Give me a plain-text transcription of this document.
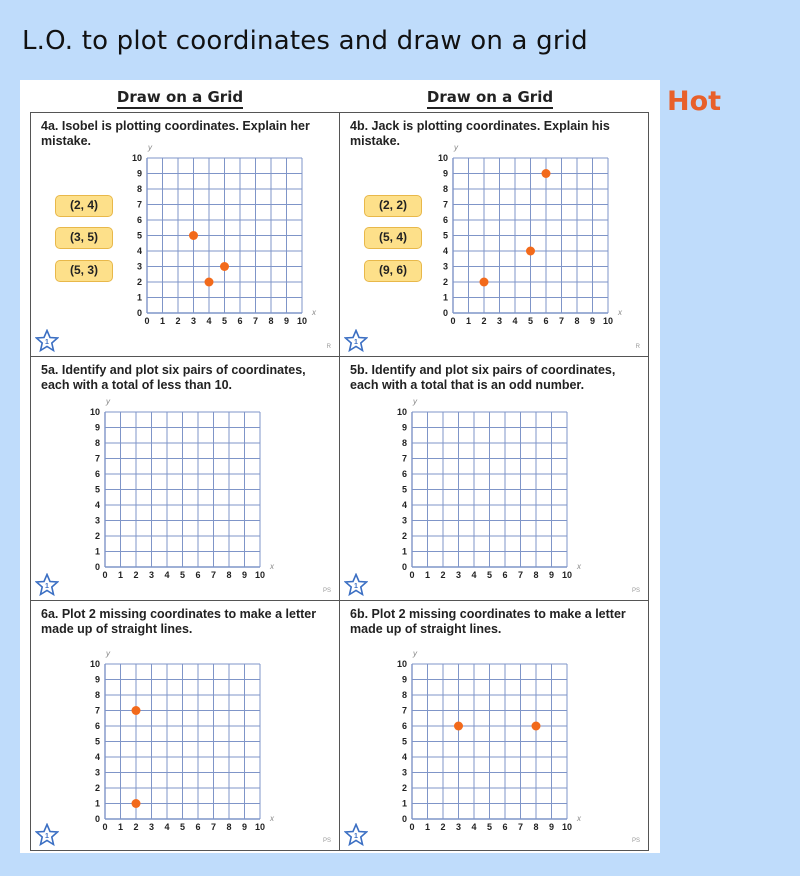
L.O. to plot coordinates and draw on a grid
Hot
Draw on a Grid	Draw on a Grid
4a. Isobel is plotting coordinates. Explain her mistake.
(2, 4)
(3, 5)
(5, 3)
0
0
1
1
2
2
3
3
4
4
5
5
6
6
7
7
8
8
9
9
10
10
x
y
1
R
4b. Jack is plotting coordinates. Explain his mistake.
(2, 2)
(5, 4)
(9, 6)
0
0
1
1
2
2
3
3
4
4
5
5
6
6
7
7
8
8
9
9
10
10
x
y
1
R
5a. Identify and plot six pairs of coordinates, each with a total of less than 10.
0
0
1
1
2
2
3
3
4
4
5
5
6
6
7
7
8
8
9
9
10
10
x
y
1
PS
5b. Identify and plot six pairs of coordinates, each with a total that is an odd number.
0
0
1
1
2
2
3
3
4
4
5
5
6
6
7
7
8
8
9
9
10
10
x
y
1
PS
6a. Plot 2 missing coordinates to make a letter made up of straight lines.
0
0
1
1
2
2
3
3
4
4
5
5
6
6
7
7
8
8
9
9
10
10
x
y
1
PS
6b. Plot 2 missing coordinates to make a letter made up of straight lines.
0
0
1
1
2
2
3
3
4
4
5
5
6
6
7
7
8
8
9
9
10
10
x
y
1
PS
